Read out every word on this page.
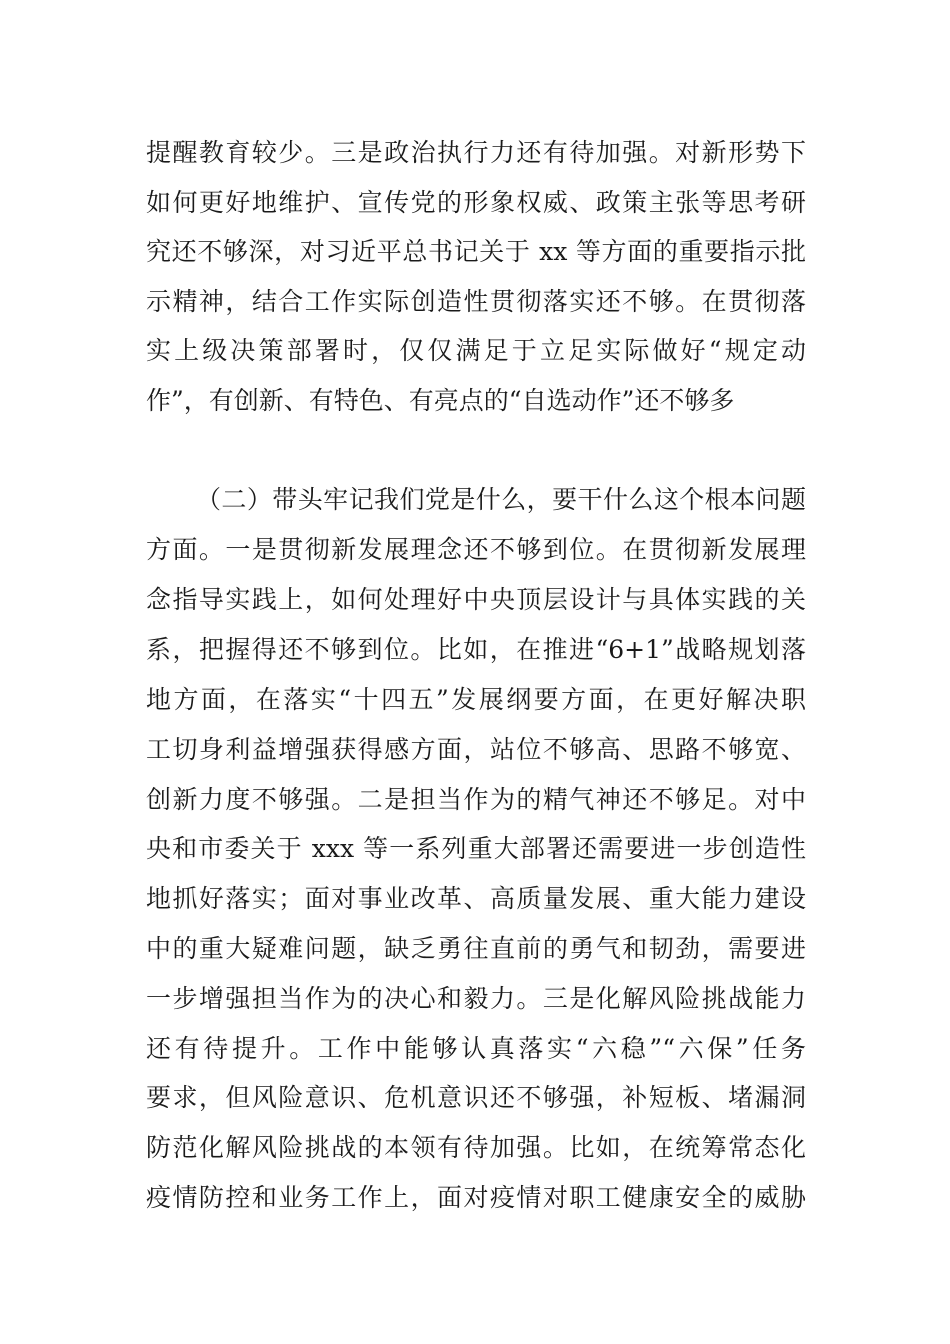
提醒教育较少。三是政治执行力还有待加强。对新形势下
如何更好地维护、宣传党的形象权威、政策主张等思考研
究还不够深，对习近平总书记关于 xx 等方面的重要指示批
示精神，结合工作实际创造性贯彻落实还不够。在贯彻落
实上级决策部署时，仅仅满足于立足实际做好“规定动
作”，有创新、有特色、有亮点的“自选动作”还不够多
（二）带头牢记我们党是什么，要干什么这个根本问题
方面。一是贯彻新发展理念还不够到位。在贯彻新发展理
念指导实践上，如何处理好中央顶层设计与具体实践的关
系，把握得还不够到位。比如，在推进“6+1”战略规划落
地方面，在落实“十四五”发展纲要方面，在更好解决职
工切身利益增强获得感方面，站位不够高、思路不够宽、
创新力度不够强。二是担当作为的精气神还不够足。对中
央和市委关于 xxx 等一系列重大部署还需要进一步创造性
地抓好落实；面对事业改革、高质量发展、重大能力建设
中的重大疑难问题，缺乏勇往直前的勇气和韧劲，需要进
一步增强担当作为的决心和毅力。三是化解风险挑战能力
还有待提升。工作中能够认真落实“六稳”“六保”任务
要求，但风险意识、危机意识还不够强，补短板、堵漏洞
防范化解风险挑战的本领有待加强。比如，在统筹常态化
疫情防控和业务工作上，面对疫情对职工健康安全的威胁
